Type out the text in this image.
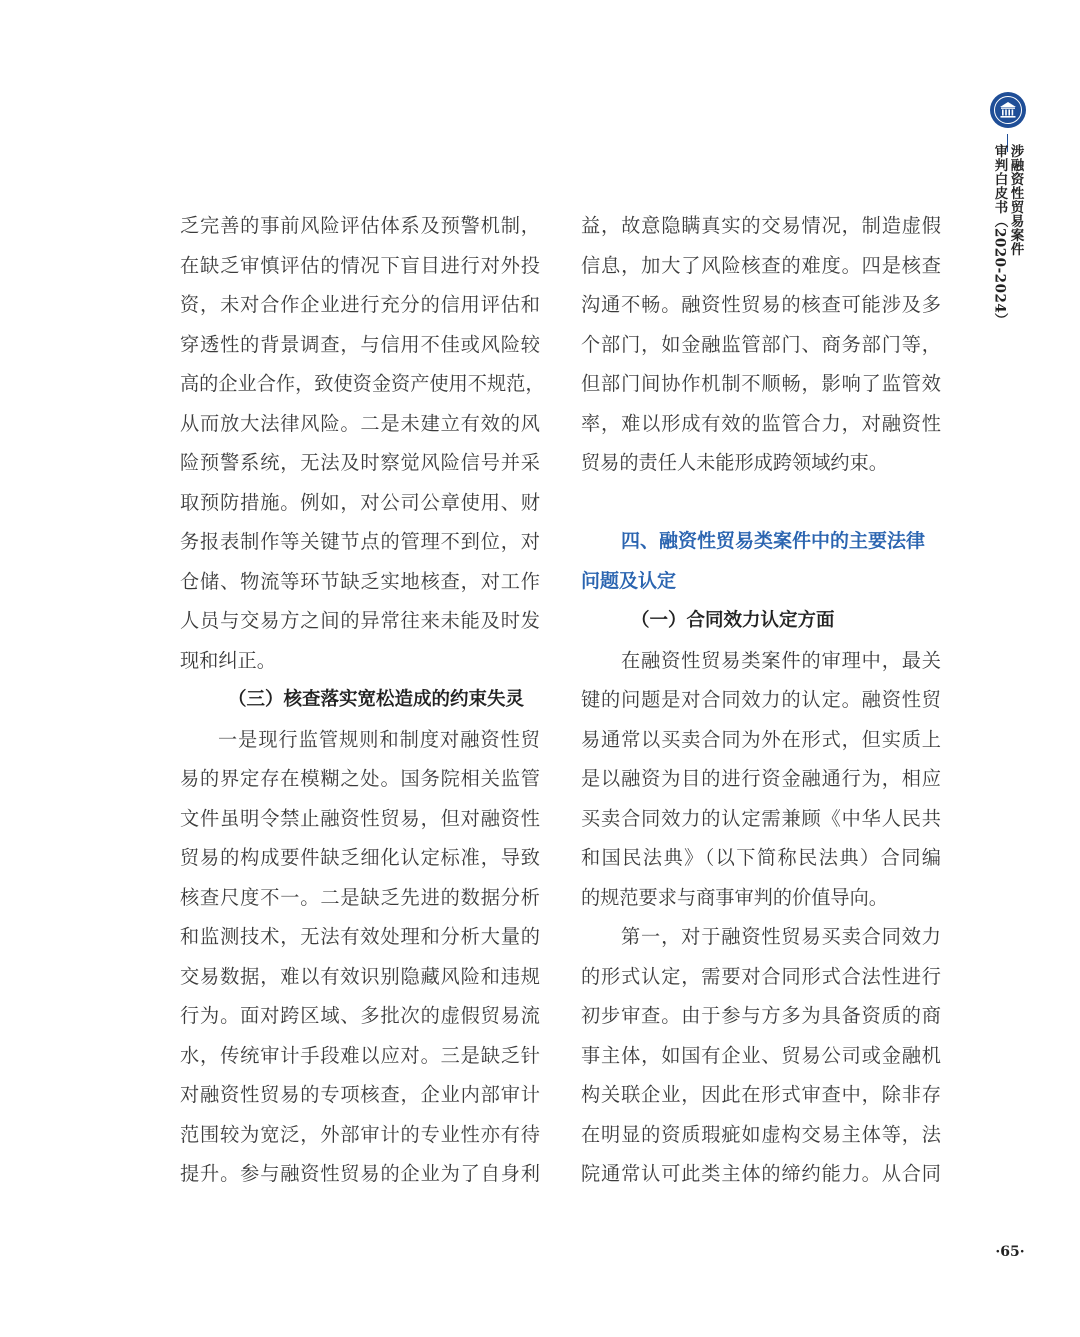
涉融资性贸易案件
审判白皮书（2020-2024）
乏完善的事前风险评估体系及预警机制，
在缺乏审慎评估的情况下盲目进行对外投
资，未对合作企业进行充分的信用评估和
穿透性的背景调查，与信用不佳或风险较
高的企业合作，致使资金资产使用不规范，
从而放大法律风险。二是未建立有效的风
险预警系统，无法及时察觉风险信号并采
取预防措施。例如，对公司公章使用、财
务报表制作等关键节点的管理不到位，对
仓储、物流等环节缺乏实地核查，对工作
人员与交易方之间的异常往来未能及时发
现和纠正。
（三）核查落实宽松造成的约束失灵
一是现行监管规则和制度对融资性贸
易的界定存在模糊之处。国务院相关监管
文件虽明令禁止融资性贸易，但对融资性
贸易的构成要件缺乏细化认定标准，导致
核查尺度不一。二是缺乏先进的数据分析
和监测技术，无法有效处理和分析大量的
交易数据，难以有效识别隐藏风险和违规
行为。面对跨区域、多批次的虚假贸易流
水，传统审计手段难以应对。三是缺乏针
对融资性贸易的专项核查，企业内部审计
范围较为宽泛，外部审计的专业性亦有待
提升。参与融资性贸易的企业为了自身利
益，故意隐瞒真实的交易情况，制造虚假
信息，加大了风险核查的难度。四是核查
沟通不畅。融资性贸易的核查可能涉及多
个部门，如金融监管部门、商务部门等，
但部门间协作机制不顺畅，影响了监管效
率，难以形成有效的监管合力，对融资性
贸易的责任人未能形成跨领域约束。
四、融资性贸易类案件中的主要法律
问题及认定
（一）合同效力认定方面
在融资性贸易类案件的审理中，最关
键的问题是对合同效力的认定。融资性贸
易通常以买卖合同为外在形式，但实质上
是以融资为目的进行资金融通行为，相应
买卖合同效力的认定需兼顾《中华人民共
和国民法典》（以下简称民法典）合同编
的规范要求与商事审判的价值导向。
第一，对于融资性贸易买卖合同效力
的形式认定，需要对合同形式合法性进行
初步审查。由于参与方多为具备资质的商
事主体，如国有企业、贸易公司或金融机
构关联企业，因此在形式审查中，除非存
在明显的资质瑕疵如虚构交易主体等，法
院通常认可此类主体的缔约能力。从合同
·65·
